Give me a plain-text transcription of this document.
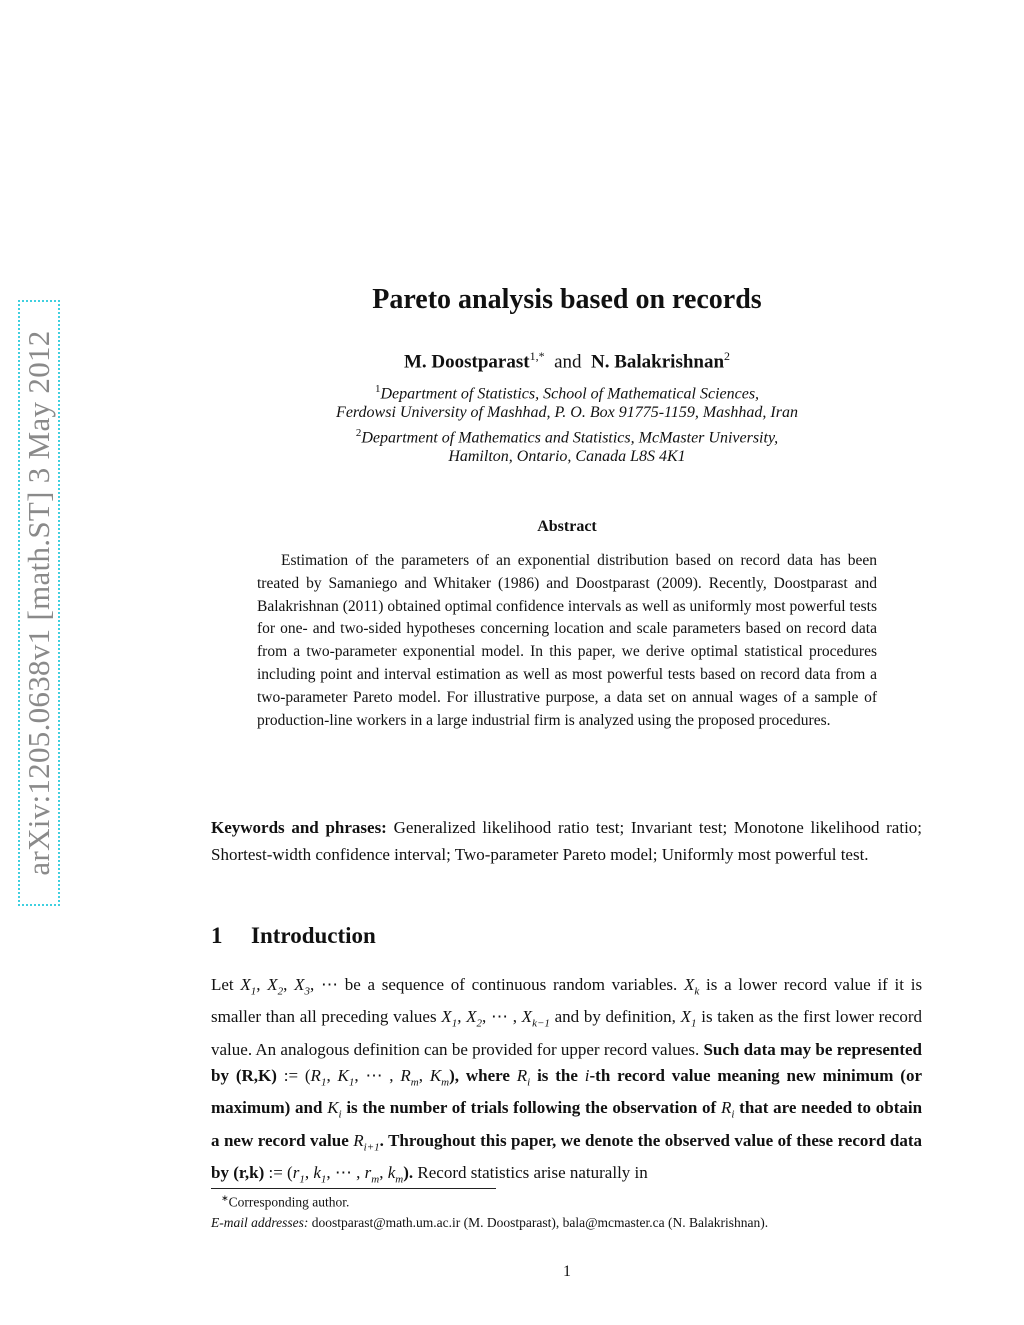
arXiv:1205.0638v1 [math.ST] 3 May 2012
Pareto analysis based on records
M. Doostparast$^{1,*}$ and N. Balakrishnan$^2$
$^1$Department of Statistics, School of Mathematical Sciences,
Ferdowsi University of Mashhad, P. O. Box 91775-1159, Mashhad, Iran
$^2$Department of Mathematics and Statistics, McMaster University,
Hamilton, Ontario, Canada L8S 4K1
Abstract
Estimation of the parameters of an exponential distribution based on record data has been treated by Samaniego and Whitaker (1986) and Doostparast (2009). Recently, Doostparast and Balakrishnan (2011) obtained optimal confidence intervals as well as uniformly most powerful tests for one- and two-sided hypotheses concerning location and scale parameters based on record data from a two-parameter exponential model. In this paper, we derive optimal statistical procedures including point and interval estimation as well as most powerful tests based on record data from a two-parameter Pareto model. For illustrative purpose, a data set on annual wages of a sample of production-line workers in a large industrial firm is analyzed using the proposed procedures.
Keywords and phrases: Generalized likelihood ratio test; Invariant test; Monotone likelihood ratio; Shortest-width confidence interval; Two-parameter Pareto model; Uniformly most powerful test.
1 Introduction
Let $X_1$, $X_2$, $X_3$, ⋯ be a sequence of continuous random variables. $X_k$ is a lower record value if it is smaller than all preceding values $X_1$, $X_2$, ⋯ , $X_{k-1}$ and by definition, $X_1$ is taken as the first lower record value. An analogous definition can be provided for upper record values. Such data may be represented by (R,K) := ($R_1$, $K_1$, ⋯ , $R_m$, $K_m$), where $R_i$ is the i-th record value meaning new minimum (or maximum) and $K_i$ is the number of trials following the observation of $R_i$ that are needed to obtain a new record value $R_{i+1}$. Throughout this paper, we denote the observed value of these record data by (r,k) := ($r_1$, $k_1$, ⋯ , $r_m$, $k_m$). Record statistics arise naturally in
∗Corresponding author.
E-mail addresses: doostparast@math.um.ac.ir (M. Doostparast), bala@mcmaster.ca (N. Balakrishnan).
1
